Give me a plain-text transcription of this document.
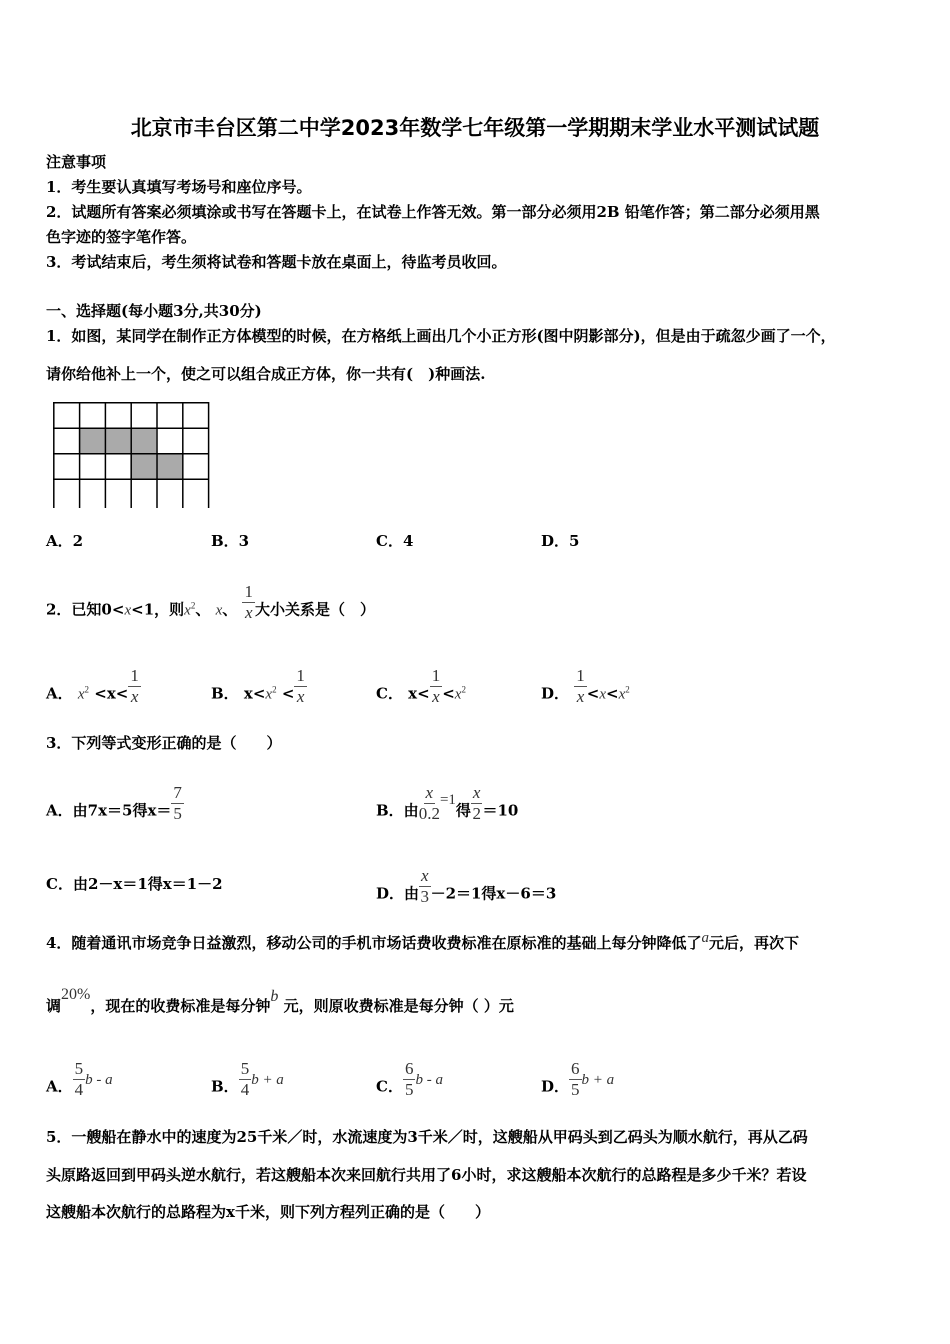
北京市丰台区第二中学2023年数学七年级第一学期期末学业水平测试试题
注意事项
1．考生要认真填写考场号和座位序号。
2．试题所有答案必须填涂或书写在答题卡上，在试卷上作答无效。第一部分必须用2B 铅笔作答；第二部分必须用黑
色字迹的签字笔作答。
3．考试结束后，考生须将试卷和答题卡放在桌面上，待监考员收回。
一、选择题(每小题3分,共30分)
1．如图，某同学在制作正方体模型的时候，在方格纸上画出几个小正方形(图中阴影部分)，但是由于疏忽少画了一个，
请你给他补上一个，使之可以组合成正方体，你一共有(　)种画法.
A．2	B．3	C．4	D．5
2．已知0<x<1，则$x^2$、 x、 $\frac{1}{x}$ 大小关系是（　）
A． $x^2 <x< \frac{1}{x}$	B． $x<x^2 < \frac{1}{x}$	C． $x< \frac{1}{x} <x^2$	D． $\frac{1}{x} <x<x^2$
3．下列等式变形正确的是（　　）
A．由7x＝5得$x= \frac{7}{5}$	B．由 $\frac{x}{0.2} =1$得 $\frac{x}{2} =10$
C．由2－x＝1得x＝1－2
D．由 $\frac{x}{3} -2=1$得x－6＝3
4．随着通讯市场竞争日益激烈，移动公司的手机市场话费收费标准在原标准的基础上每分钟降低了a元后，再次下
调20%，现在的收费标准是每分钟b 元，则原收费标准是每分钟（ ）元
A． $\frac{5}{4}$ b - a	B． $\frac{5}{4}$ b + a	C． $\frac{6}{5}$ b - a	D． $\frac{6}{5}$ b + a
5．一艘船在静水中的速度为25千米／时，水流速度为3千米／时，这艘船从甲码头到乙码头为顺水航行，再从乙码
头原路返回到甲码头逆水航行，若这艘船本次来回航行共用了6小时，求这艘船本次航行的总路程是多少千米？若设
这艘船本次航行的总路程为x千米，则下列方程列正确的是（　　）
